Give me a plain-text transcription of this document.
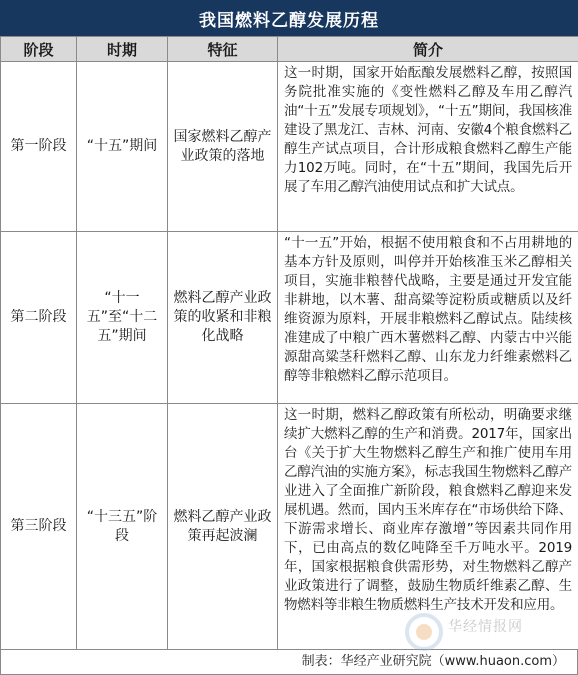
我国燃料乙醇发展历程
阶段	时期	特征	简介
第一阶段	“十五”期间	国家燃料乙醇产业政策的落地	这一时期，国家开始酝酿发展燃料乙醇，按照国务院批准实施的《变性燃料乙醇及车用乙醇汽油“十五”发展专项规划》，“十五”期间，我国核准建设了黑龙江、吉林、河南、安徽4个粮食燃料乙醇生产试点项目，合计形成粮食燃料乙醇生产能力102万吨。同时，在“十五”期间，我国先后开展了车用乙醇汽油使用试点和扩大试点。
第二阶段	“十一五”至“十二五”期间	燃料乙醇产业政策的收紧和非粮化战略	“十一五”开始，根据不使用粮食和不占用耕地的基本方针及原则，叫停并开始核准玉米乙醇相关项目，实施非粮替代战略，主要是通过开发宜能非耕地，以木薯、甜高粱等淀粉质或糖质以及纤维资源为原料，开展非粮燃料乙醇试点。陆续核准建成了中粮广西木薯燃料乙醇、内蒙古中兴能源甜高粱茎秆燃料乙醇、山东龙力纤维素燃料乙醇等非粮燃料乙醇示范项目。
第三阶段	“十三五”阶段	燃料乙醇产业政策再起波澜	这一时期，燃料乙醇政策有所松动，明确要求继续扩大燃料乙醇的生产和消费。2017年，国家出台《关于扩大生物燃料乙醇生产和推广使用车用乙醇汽油的实施方案》，标志我国生物燃料乙醇产业进入了全面推广新阶段，粮食燃料乙醇迎来发展机遇。然而，国内玉米库存在“市场供给下降、下游需求增长、商业库存激增”等因素共同作用下，已由高点的数亿吨降至千万吨水平。2019年，国家根据粮食供需形势，对生物燃料乙醇产业政策进行了调整，鼓励生物质纤维素乙醇、生物燃料等非粮生物质燃料生产技术开发和应用。
华经情报网
制表：华经产业研究院（www.huaon.com）
